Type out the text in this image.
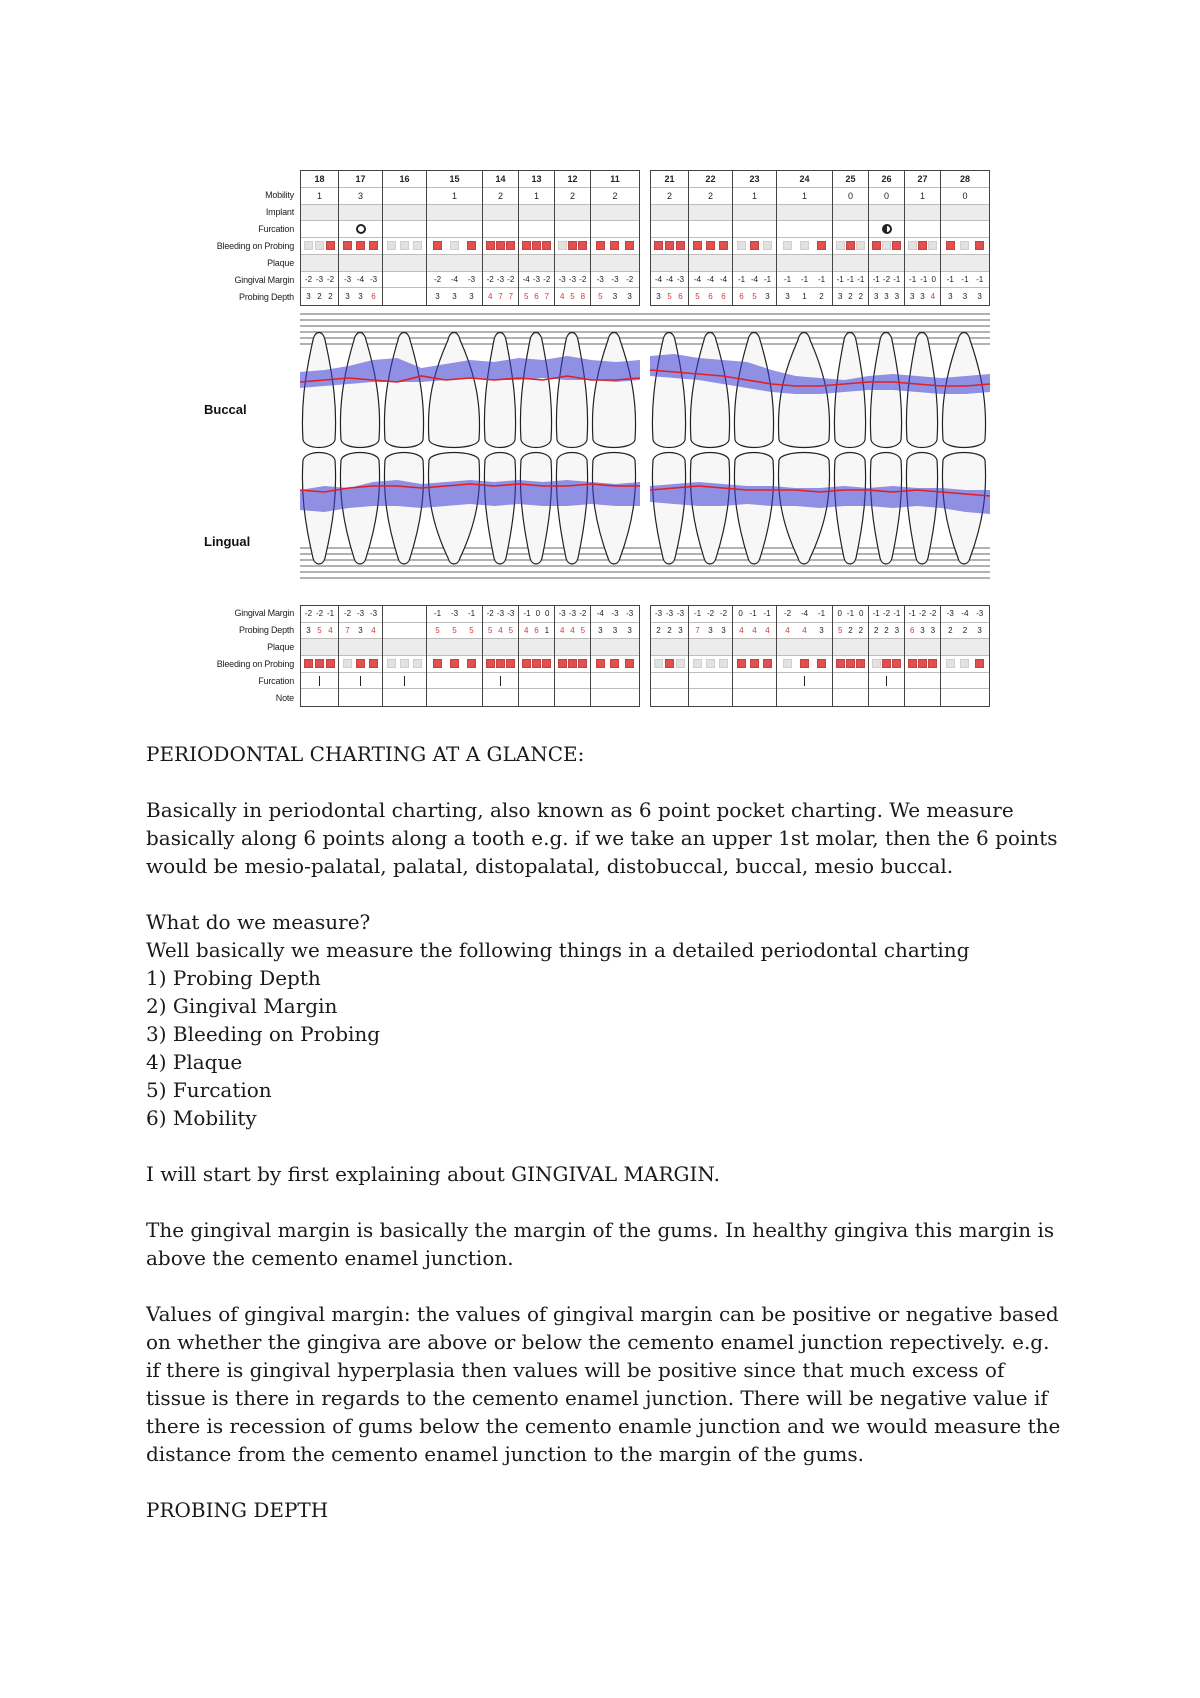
Mobility
Implant
Furcation
Bleeding on Probing
Plaque
Gingival Margin
Probing Depth
18
1
-2 -3 -2
3 2 2
17
3
-3 -4 -3
3 3 6
16	15
1
-2 -4 -3
3 3 3
14
2
-2 -3 -2
4 7 7
13
1
-4 -3 -2
5 6 7
12
2
-3 -3 -2
4 5 8
11
2
-3 -3 -2
5 3 3
21
2
-4 -4 -3
3 5 6
22
2
-4 -4 -4
5 6 6
23
1
-1 -4 -1
6 5 3
24
1
-1 -1 -1
3 1 2
25
0
-1 -1 -1
3 2 2
26
0
-1 -2 -1
3 3 3
27
1
-1 -1 0
3 3 4
28
0
-1 -1 -1
3 3 3
Buccal
Lingual
Gingival Margin
Probing Depth
Plaque
Bleeding on Probing
Furcation
Note
-2 -2 -1
3 5 4
-2 -3 -3
7 3 4
-1 -3 -1
5 5 5
-2 -3 -3
5 4 5
-1 0 0
4 6 1
-3 -3 -2
4 4 5
-4 -3 -3
3 3 3
-3 -3 -3
2 2 3
-1 -2 -2
7 3 3
0 -1 -1
4 4 4
-2 -4 -1
4 4 3
0 -1 0
5 2 2
-1 -2 -1
2 2 3
-1 -2 -2
6 3 3
-3 -4 -3
2 2 3

PERIODONTAL CHARTING AT A GLANCE:

Basically in periodontal charting, also known as 6 point pocket charting. We measure basically along 6 points along a tooth e.g. if we take an upper 1st molar, then the 6 points would be mesio-palatal, palatal, distopalatal, distobuccal, buccal, mesio buccal.

What do we measure?
Well basically we measure the following things in a detailed periodontal charting
1) Probing Depth
2) Gingival Margin
3) Bleeding on Probing
4) Plaque
5) Furcation
6) Mobility

I will start by first explaining about GINGIVAL MARGIN.

The gingival margin is basically the margin of the gums. In healthy gingiva this margin is above the cemento enamel junction.

Values of gingival margin: the values of gingival margin can be positive or negative based on whether the gingiva are above or below the cemento enamel junction repectively. e.g. if there is gingival hyperplasia then values will be positive since that much excess of tissue is there in regards to the cemento enamel junction. There will be negative value if there is recession of gums below the cemento enamle junction and we would measure the distance from the cemento enamel junction to the margin of the gums.

PROBING DEPTH
